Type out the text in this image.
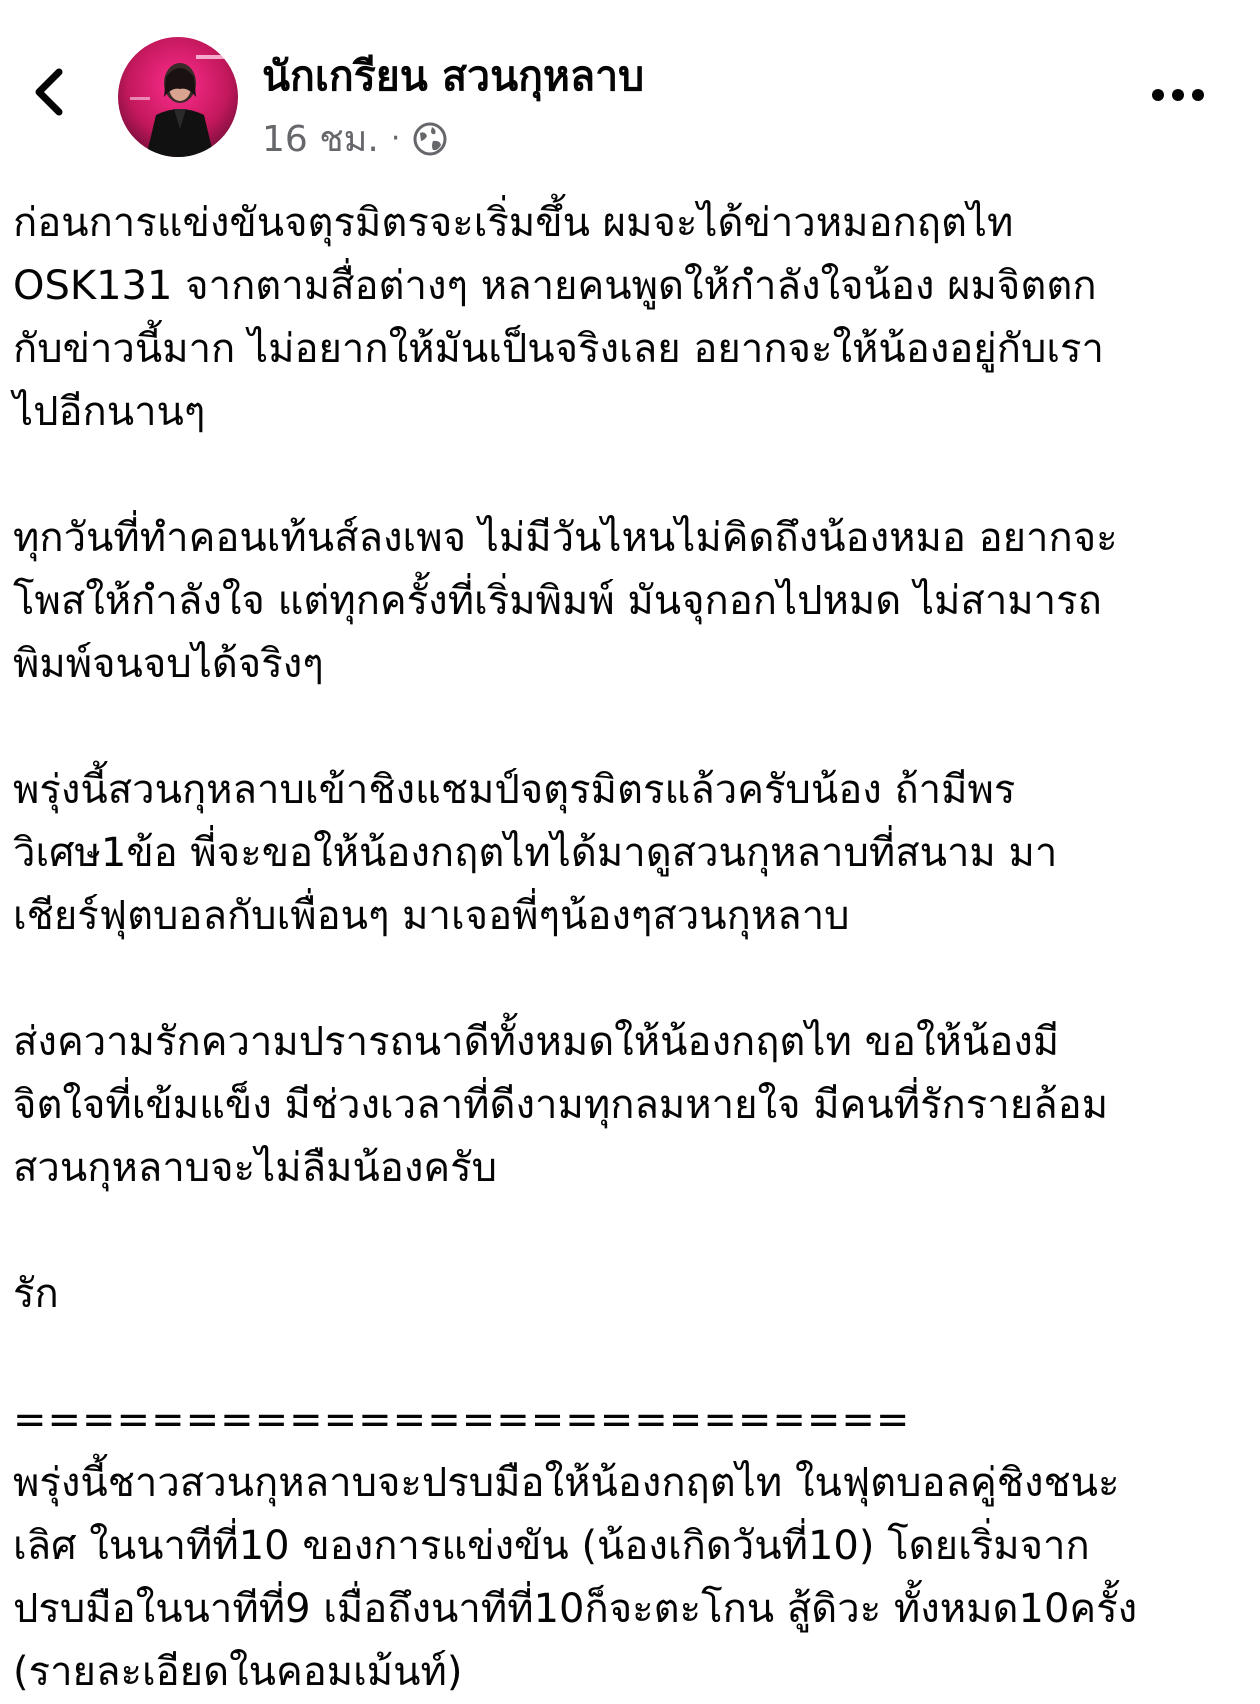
นักเกรียน สวนกุหลาบ
16 ชม. ·
ก่อนการแข่งขันจตุรมิตรจะเริ่มขึ้น ผมจะได้ข่าวหมอกฤตไท
OSK131 จากตามสื่อต่างๆ หลายคนพูดให้กำลังใจน้อง ผมจิตตก
กับข่าวนี้มาก ไม่อยากให้มันเป็นจริงเลย อยากจะให้น้องอยู่กับเรา
ไปอีกนานๆ
ทุกวันที่ทำคอนเท้นส์ลงเพจ ไม่มีวันไหนไม่คิดถึงน้องหมอ อยากจะ
โพสให้กำลังใจ แต่ทุกครั้งที่เริ่มพิมพ์ มันจุกอกไปหมด ไม่สามารถ
พิมพ์จนจบได้จริงๆ
พรุ่งนี้สวนกุหลาบเข้าชิงแชมป์จตุรมิตรแล้วครับน้อง ถ้ามีพร
วิเศษ1ข้อ พี่จะขอให้น้องกฤตไทได้มาดูสวนกุหลาบที่สนาม มา
เชียร์ฟุตบอลกับเพื่อนๆ มาเจอพี่ๆน้องๆสวนกุหลาบ
ส่งความรักความปรารถนาดีทั้งหมดให้น้องกฤตไท ขอให้น้องมี
จิตใจที่เข้มแข็ง มีช่วงเวลาที่ดีงามทุกลมหายใจ มีคนที่รักรายล้อม
สวนกุหลาบจะไม่ลืมน้องครับ
รัก
==========================
พรุ่งนี้ชาวสวนกุหลาบจะปรบมือให้น้องกฤตไท ในฟุตบอลคู่ชิงชนะ
เลิศ ในนาทีที่10 ของการแข่งขัน (น้องเกิดวันที่10) โดยเริ่มจาก
ปรบมือในนาทีที่9 เมื่อถึงนาทีที่10ก็จะตะโกน สู้ดิวะ ทั้งหมด10ครั้ง
(รายละเอียดในคอมเม้นท์)
